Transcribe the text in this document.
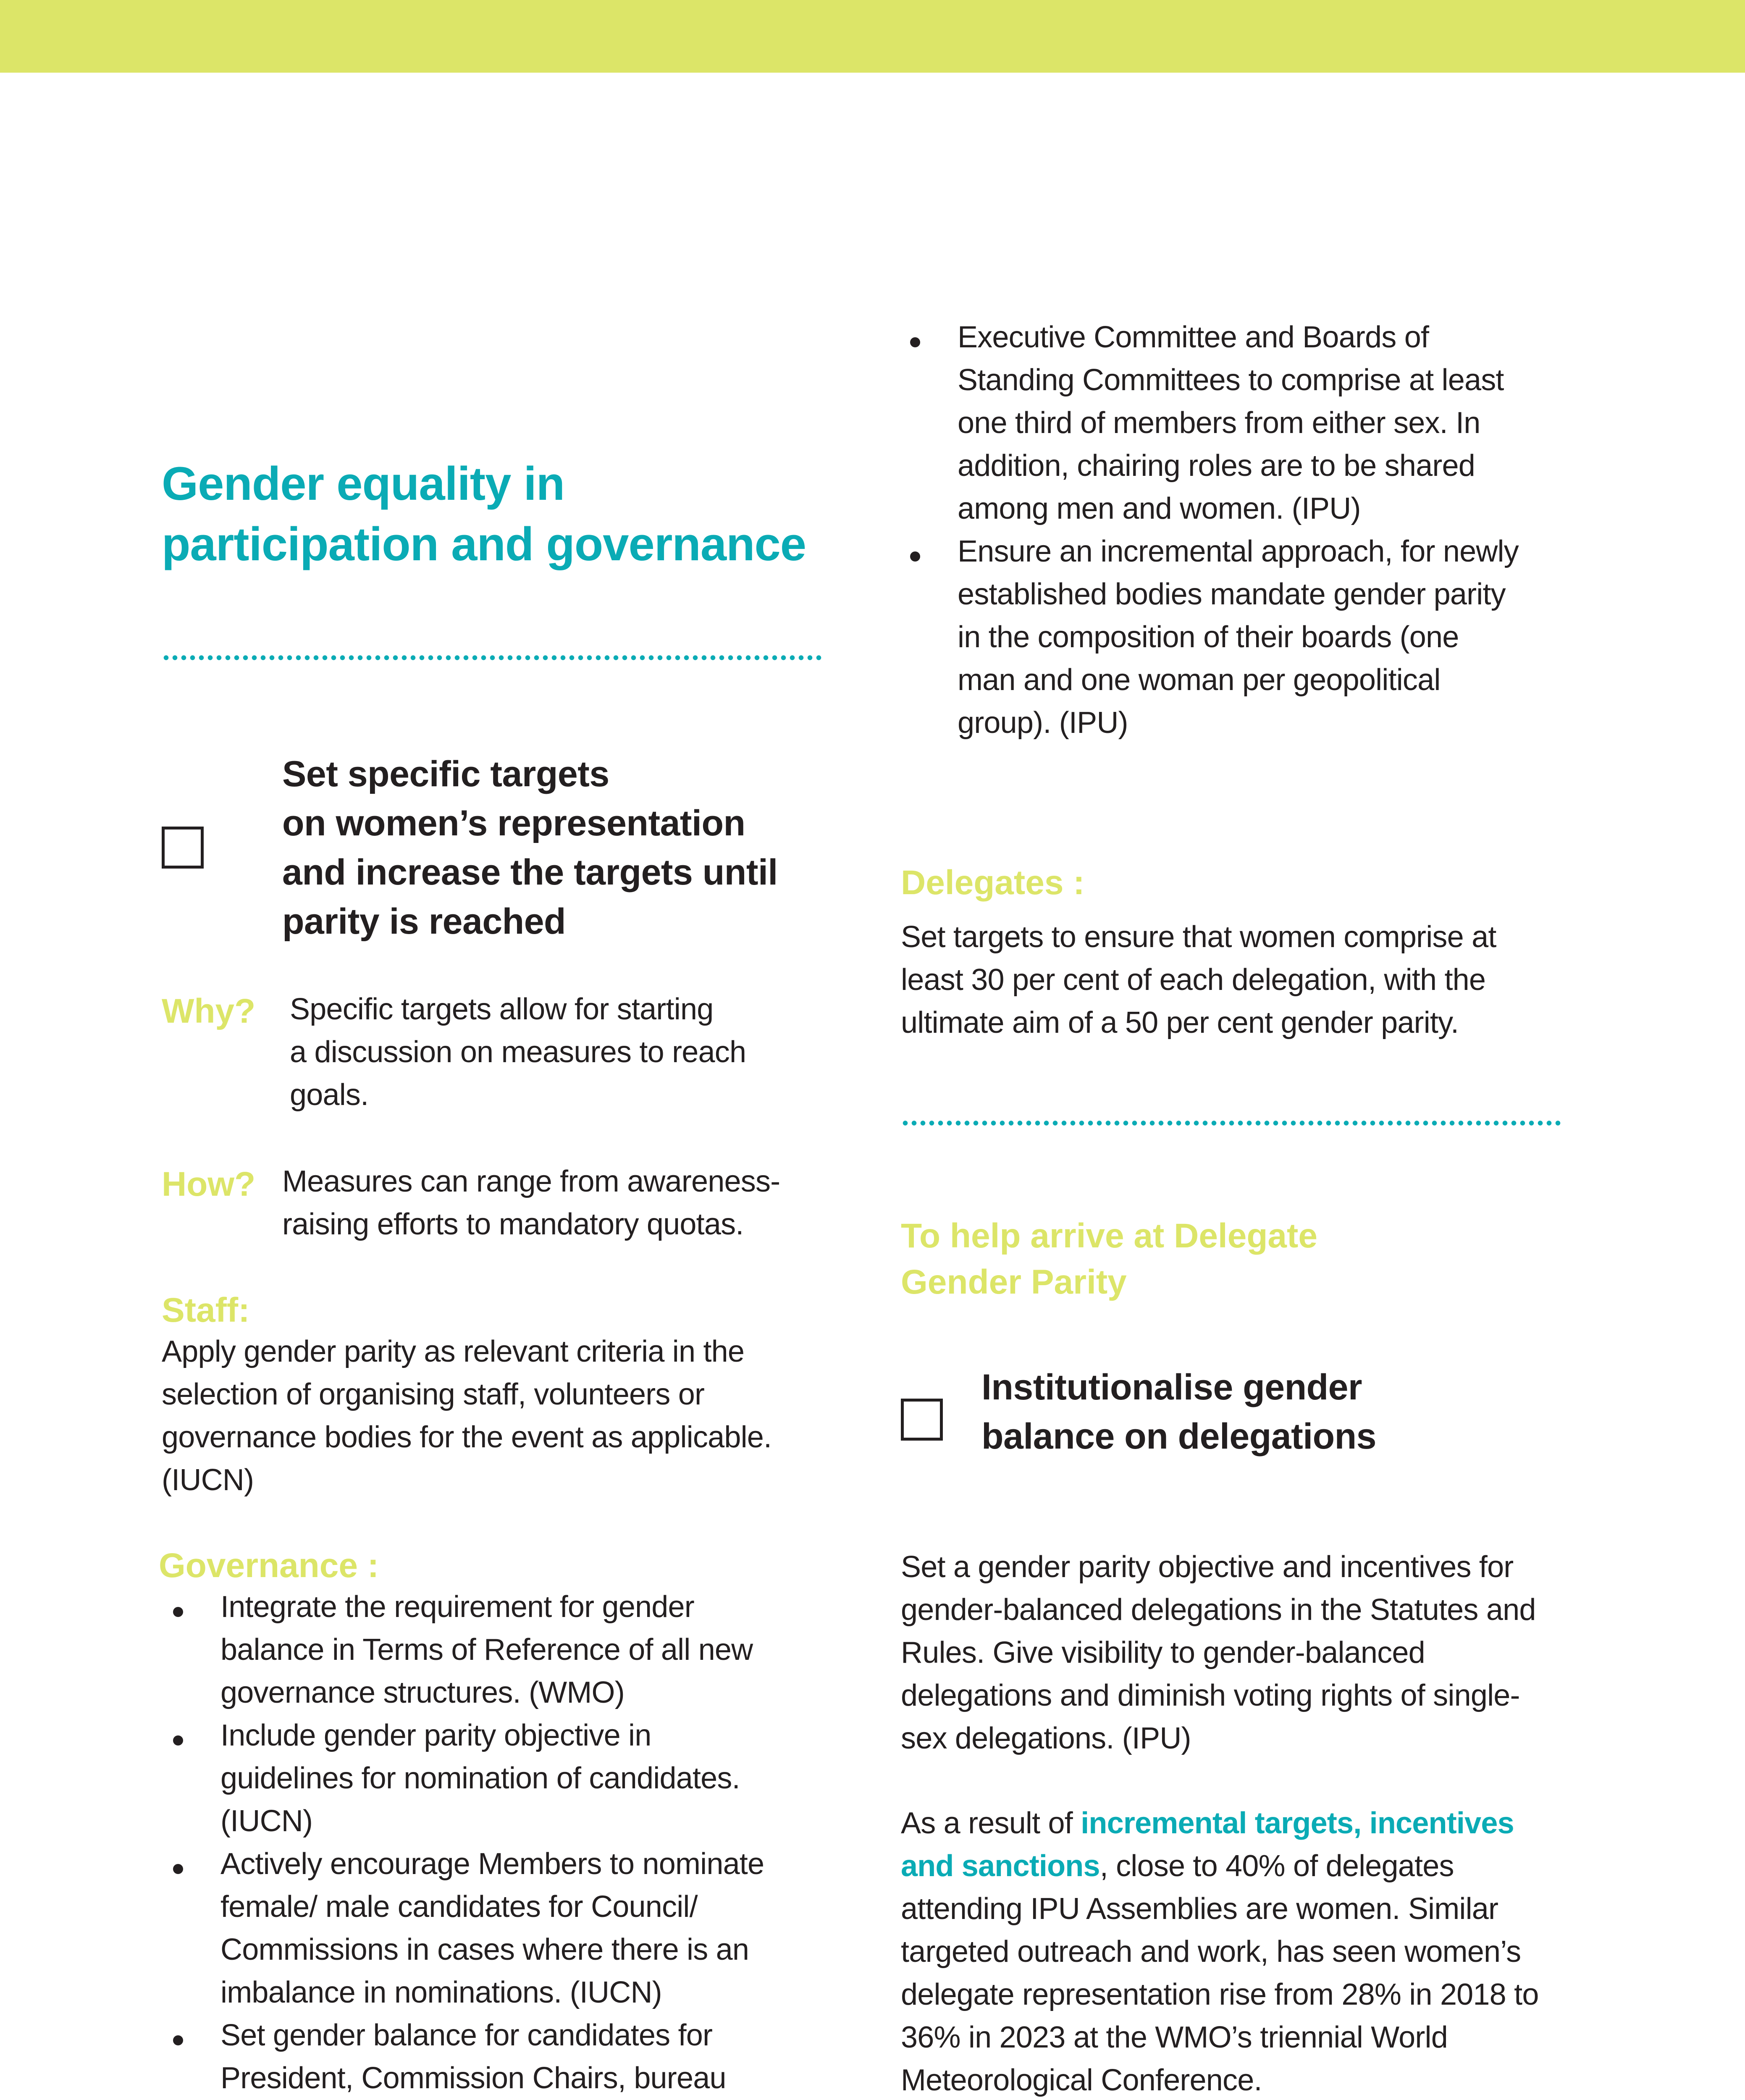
Gender equality in
participation and governance
Set specific targets
on women’s representation
and increase the targets until
parity is reached
Why? Specific targets allow for starting
a discussion on measures to reach
goals.
How? Measures can range from awareness-
raising efforts to mandatory quotas.
Staff:
Apply gender parity as relevant criteria in the
selection of organising staff, volunteers or
governance bodies for the event as applicable.
(IUCN)
Governance :
Integrate the requirement for gender
balance in Terms of Reference of all new
governance structures. (WMO)
Include gender parity objective in
guidelines for nomination of candidates.
(IUCN)
Actively encourage Members to nominate
female/ male candidates for Council/
Commissions in cases where there is an
imbalance in nominations. (IUCN)
Set gender balance for candidates for
President, Commission Chairs, bureau
Executive Committee and Boards of
Standing Committees to comprise at least
one third of members from either sex. In
addition, chairing roles are to be shared
among men and women. (IPU)
Ensure an incremental approach, for newly
established bodies mandate gender parity
in the composition of their boards (one
man and one woman per geopolitical
group). (IPU)
Delegates :
Set targets to ensure that women comprise at
least 30 per cent of each delegation, with the
ultimate aim of a 50 per cent gender parity.
To help arrive at Delegate
Gender Parity
Institutionalise gender
balance on delegations
Set a gender parity objective and incentives for
gender-balanced delegations in the Statutes and
Rules. Give visibility to gender-balanced
delegations and diminish voting rights of single-
sex delegations. (IPU)
As a result of incremental targets, incentives
and sanctions, close to 40% of delegates
attending IPU Assemblies are women. Similar
targeted outreach and work, has seen women’s
delegate representation rise from 28% in 2018 to
36% in 2023 at the WMO’s triennial World
Meteorological Conference.
